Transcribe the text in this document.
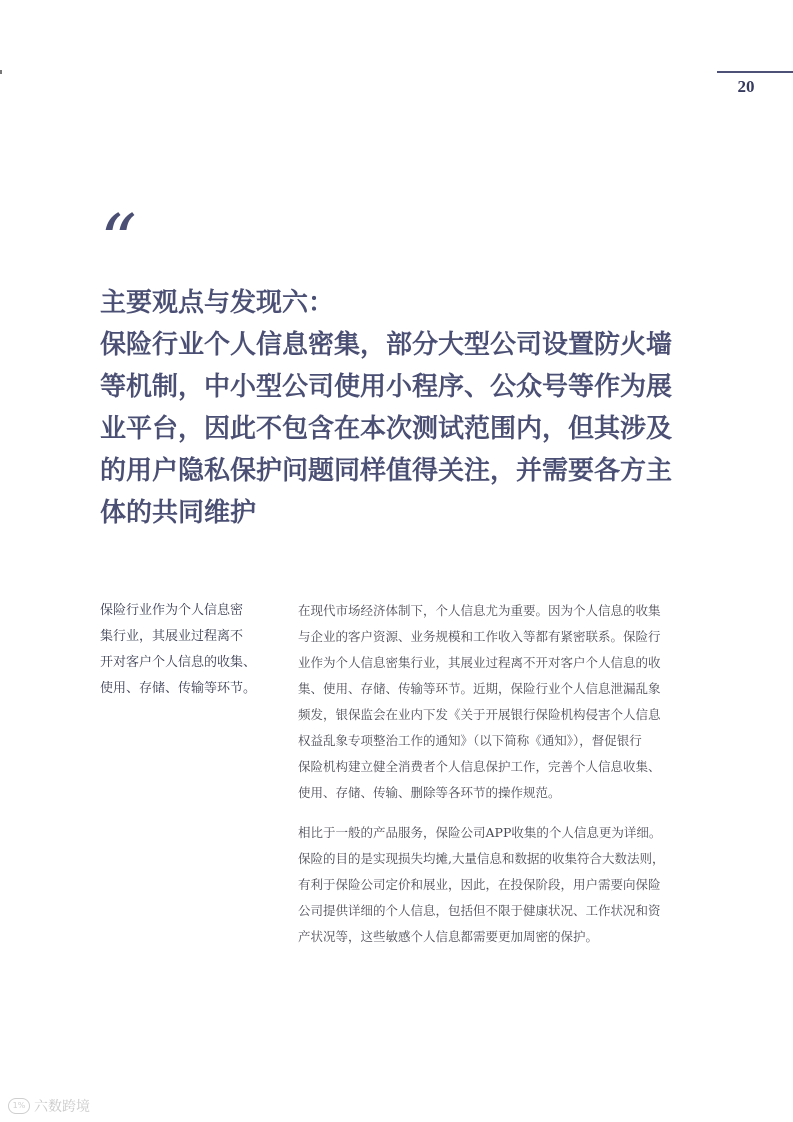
20
“
主要观点与发现六：
保险行业个人信息密集，部分大型公司设置防火墙
等机制，中小型公司使用小程序、公众号等作为展
业平台，因此不包含在本次测试范围内，但其涉及
的用户隐私保护问题同样值得关注，并需要各方主
体的共同维护
保险行业作为个人信息密
集行业，其展业过程离不
开对客户个人信息的收集、
使用、存储、传输等环节。
在现代市场经济体制下，个人信息尤为重要。因为个人信息的收集
与企业的客户资源、业务规模和工作收入等都有紧密联系。保险行
业作为个人信息密集行业，其展业过程离不开对客户个人信息的收
集、使用、存储、传输等环节。近期，保险行业个人信息泄漏乱象
频发，银保监会在业内下发《关于开展银行保险机构侵害个人信息
权益乱象专项整治工作的通知》（以下简称《通知》），督促银行
保险机构建立健全消费者个人信息保护工作，完善个人信息收集、
使用、存储、传输、删除等各环节的操作规范。
相比于一般的产品服务，保险公司APP收集的个人信息更为详细。
保险的目的是实现损失均摊,大量信息和数据的收集符合大数法则，
有利于保险公司定价和展业，因此，在投保阶段，用户需要向保险
公司提供详细的个人信息，包括但不限于健康状况、工作状况和资
产状况等，这些敏感个人信息都需要更加周密的保护。
1% 六数跨境
